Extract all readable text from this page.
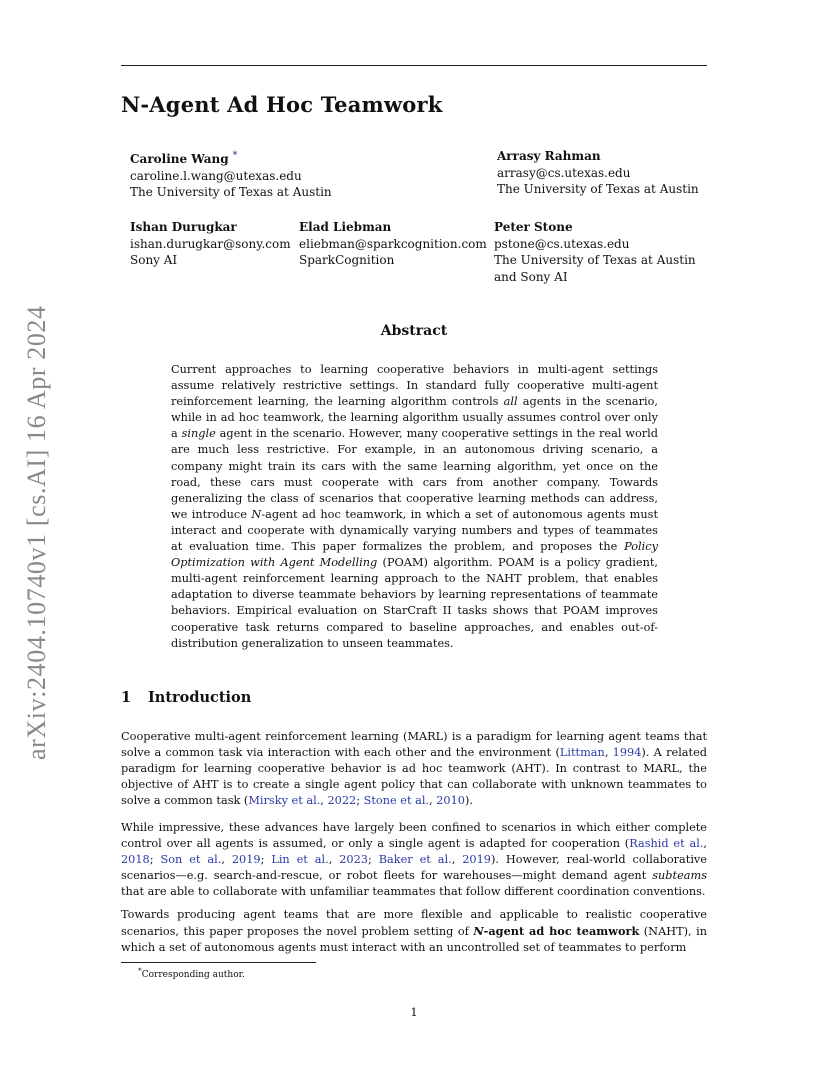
N-Agent Ad Hoc Teamwork
Caroline Wang *
caroline.l.wang@utexas.edu
The University of Texas at Austin
Arrasy Rahman
arrasy@cs.utexas.edu
The University of Texas at Austin
Ishan Durugkar
ishan.durugkar@sony.com
Sony AI
Elad Liebman
eliebman@sparkcognition.com
SparkCognition
Peter Stone
pstone@cs.utexas.edu
The University of Texas at Austin
and Sony AI
arXiv:2404.10740v1 [cs.AI] 16 Apr 2024	Abstract
Current approaches to learning cooperative behaviors in multi-agent settings assume relatively restrictive settings. In standard fully cooperative multi-agent reinforcement learning, the learning algorithm controls all agents in the scenario, while in ad hoc teamwork, the learning algorithm usually assumes control over only a single agent in the scenario. However, many cooperative settings in the real world are much less restrictive. For example, in an autonomous driving scenario, a company might train its cars with the same learning algorithm, yet once on the road, these cars must cooperate with cars from another company. Towards generalizing the class of scenarios that cooperative learning methods can address, we introduce N-agent ad hoc teamwork, in which a set of autonomous agents must interact and cooperate with dynamically varying numbers and types of teammates at evaluation time. This paper formalizes the problem, and proposes the Policy Optimization with Agent Modelling (POAM) algorithm. POAM is a policy gradient, multi-agent reinforcement learning approach to the NAHT problem, that enables adaptation to diverse teammate behaviors by learning representations of teammate behaviors. Empirical evaluation on StarCraft II tasks shows that POAM improves cooperative task returns compared to baseline approaches, and enables out-of-distribution generalization to unseen teammates.
1 Introduction
Cooperative multi-agent reinforcement learning (MARL) is a paradigm for learning agent teams that solve a common task via interaction with each other and the environment (Littman, 1994). A related paradigm for learning cooperative behavior is ad hoc teamwork (AHT). In contrast to MARL, the objective of AHT is to create a single agent policy that can collaborate with unknown teammates to solve a common task (Mirsky et al., 2022; Stone et al., 2010).
While impressive, these advances have largely been confined to scenarios in which either complete control over all agents is assumed, or only a single agent is adapted for cooperation (Rashid et al., 2018; Son et al., 2019; Lin et al., 2023; Baker et al., 2019). However, real-world collaborative scenarios—e.g. search-and-rescue, or robot fleets for warehouses—might demand agent subteams that are able to collaborate with unfamiliar teammates that follow different coordination conventions.
Towards producing agent teams that are more flexible and applicable to realistic cooperative scenarios, this paper proposes the novel problem setting of N-agent ad hoc teamwork (NAHT), in which a set of autonomous agents must interact with an uncontrolled set of teammates to perform
*Corresponding author.
1
